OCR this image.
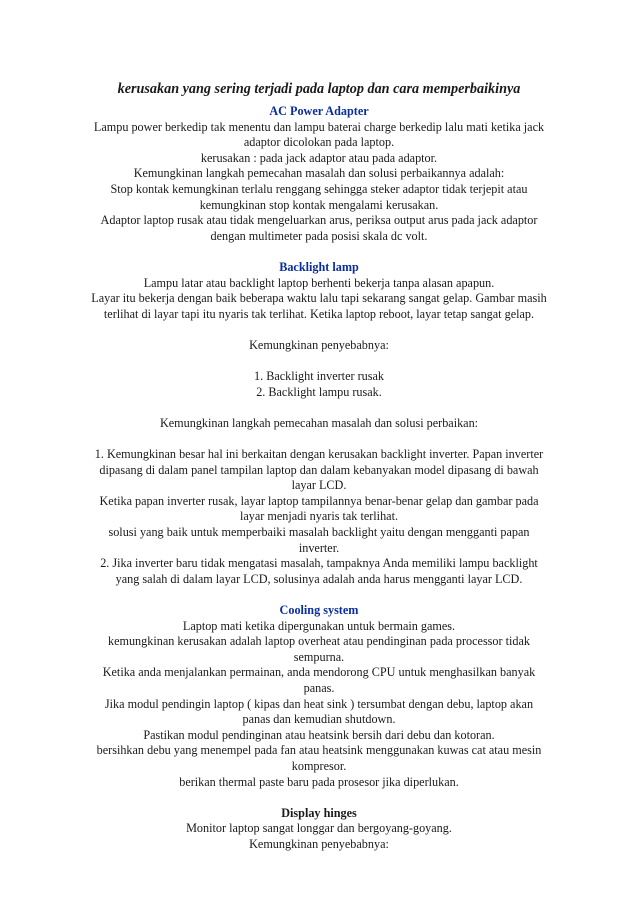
kerusakan yang sering terjadi pada laptop dan cara memperbaikinya
AC Power Adapter
Lampu power berkedip tak menentu dan lampu baterai charge berkedip lalu mati ketika jack
adaptor dicolokan pada laptop.
kerusakan : pada jack adaptor atau pada adaptor.
Kemungkinan langkah pemecahan masalah dan solusi perbaikannya adalah:
Stop kontak kemungkinan terlalu renggang sehingga steker adaptor tidak terjepit atau
kemungkinan stop kontak mengalami kerusakan.
Adaptor laptop rusak atau tidak mengeluarkan arus, periksa output arus pada jack adaptor
dengan multimeter pada posisi skala dc volt.
Backlight lamp
Lampu latar atau backlight laptop berhenti bekerja tanpa alasan apapun.
Layar itu bekerja dengan baik beberapa waktu lalu tapi sekarang sangat gelap. Gambar masih
terlihat di layar tapi itu nyaris tak terlihat. Ketika laptop reboot, layar tetap sangat gelap.
Kemungkinan penyebabnya:
1. Backlight inverter rusak
2. Backlight lampu rusak.
Kemungkinan langkah pemecahan masalah dan solusi perbaikan:
1. Kemungkinan besar hal ini berkaitan dengan kerusakan backlight inverter. Papan inverter
dipasang di dalam panel tampilan laptop dan dalam kebanyakan model dipasang di bawah
layar LCD.
Ketika papan inverter rusak, layar laptop tampilannya benar-benar gelap dan gambar pada
layar menjadi nyaris tak terlihat.
solusi yang baik untuk memperbaiki masalah backlight yaitu dengan mengganti papan
inverter.
2. Jika inverter baru tidak mengatasi masalah, tampaknya Anda memiliki lampu backlight
yang salah di dalam layar LCD, solusinya adalah anda harus mengganti layar LCD.
Cooling system
Laptop mati ketika dipergunakan untuk bermain games.
kemungkinan kerusakan adalah laptop overheat atau pendinginan pada processor tidak
sempurna.
Ketika anda menjalankan permainan, anda mendorong CPU untuk menghasilkan banyak
panas.
Jika modul pendingin laptop ( kipas dan heat sink ) tersumbat dengan debu, laptop akan
panas dan kemudian shutdown.
Pastikan modul pendinginan atau heatsink bersih dari debu dan kotoran.
bersihkan debu yang menempel pada fan atau heatsink menggunakan kuwas cat atau mesin
kompresor.
berikan thermal paste baru pada prosesor jika diperlukan.
Display hinges
Monitor laptop sangat longgar dan bergoyang-goyang.
Kemungkinan penyebabnya:
